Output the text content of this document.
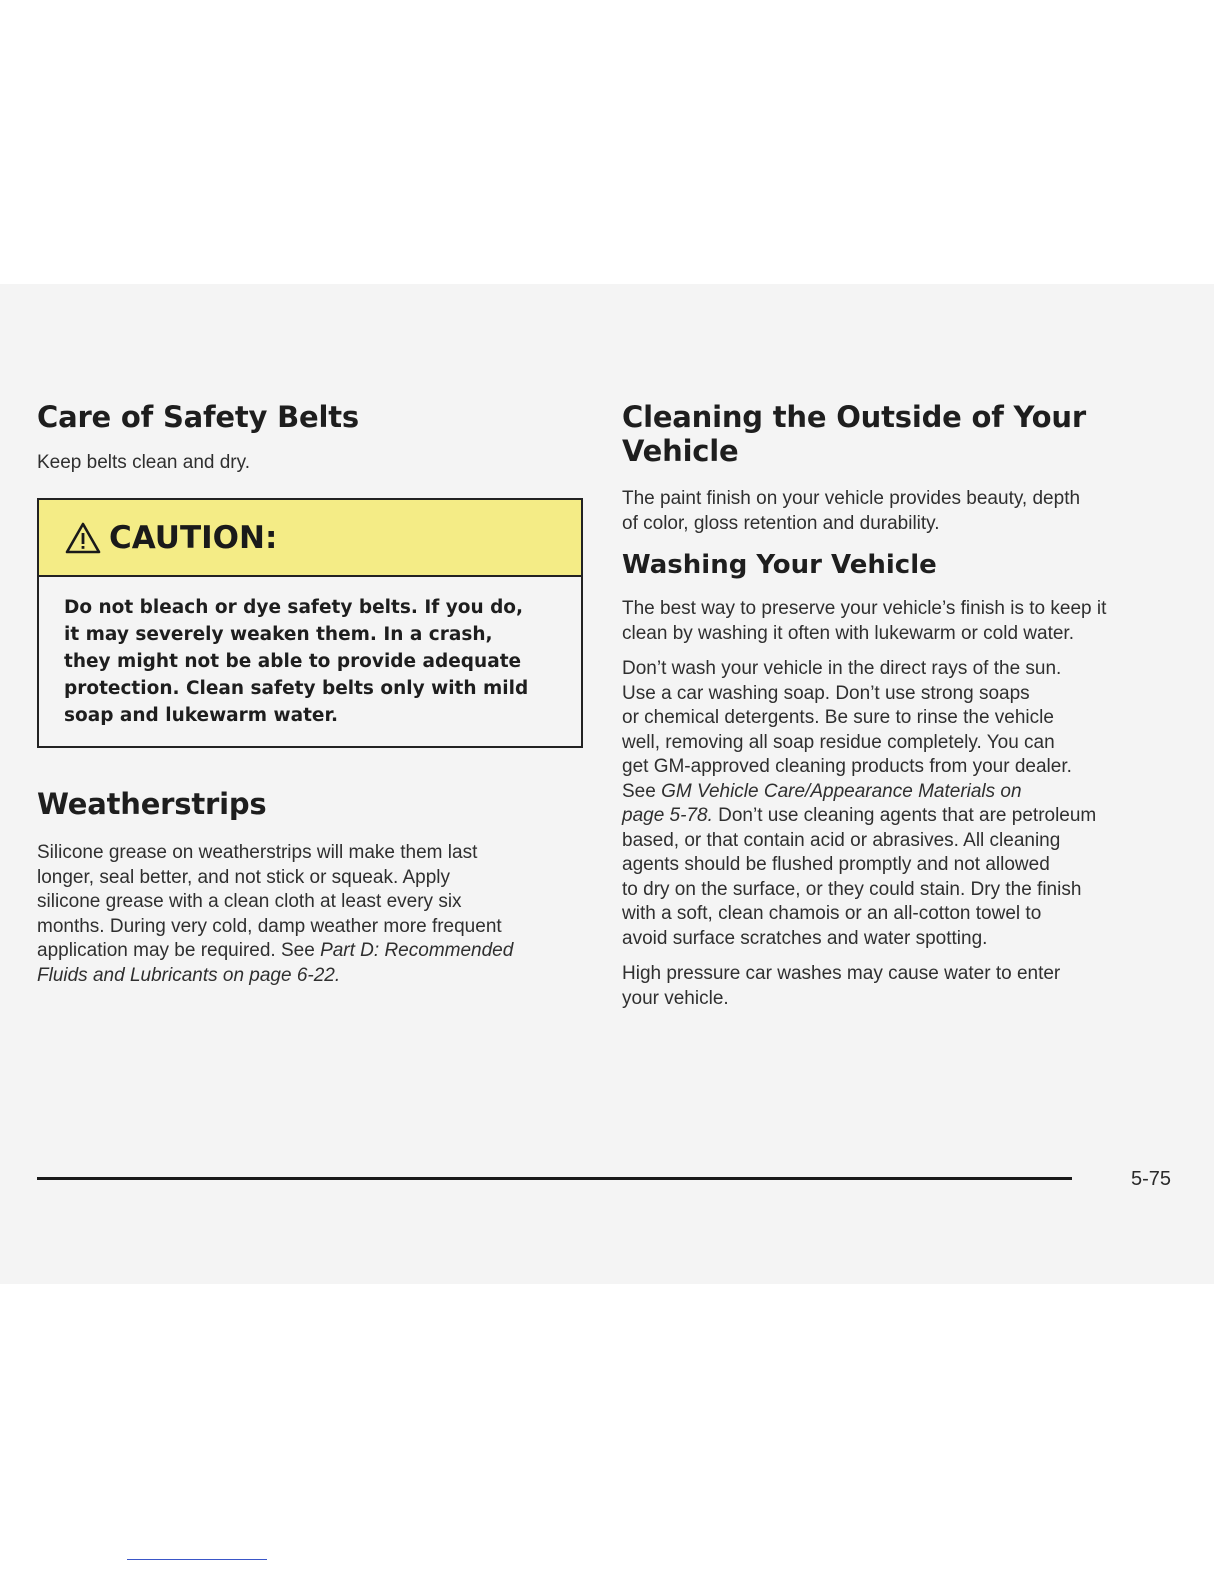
Care of Safety Belts

Keep belts clean and dry.

CAUTION:
Do not bleach or dye safety belts. If you do,
it may severely weaken them. In a crash,
they might not be able to provide adequate
protection. Clean safety belts only with mild
soap and lukewarm water.
Weatherstrips

Silicone grease on weatherstrips will make them last

longer, seal better, and not stick or squeak. Apply

silicone grease with a clean cloth at least every six

months. During very cold, damp weather more frequent

application may be required. See Part D: Recommended

Fluids and Lubricants on page 6-22.

Cleaning the Outside of Your Vehicle

The paint finish on your vehicle provides beauty, depth

of color, gloss retention and durability.

Washing Your Vehicle

The best way to preserve your vehicle’s finish is to keep it

clean by washing it often with lukewarm or cold water.

Don’t wash your vehicle in the direct rays of the sun.

Use a car washing soap. Don’t use strong soaps

or chemical detergents. Be sure to rinse the vehicle

well, removing all soap residue completely. You can

get GM-approved cleaning products from your dealer.

See GM Vehicle Care/Appearance Materials on

page 5-78. Don’t use cleaning agents that are petroleum

based, or that contain acid or abrasives. All cleaning

agents should be flushed promptly and not allowed

to dry on the surface, or they could stain. Dry the finish

with a soft, clean chamois or an all-cotton towel to

avoid surface scratches and water spotting.

High pressure car washes may cause water to enter

your vehicle.

5-75
